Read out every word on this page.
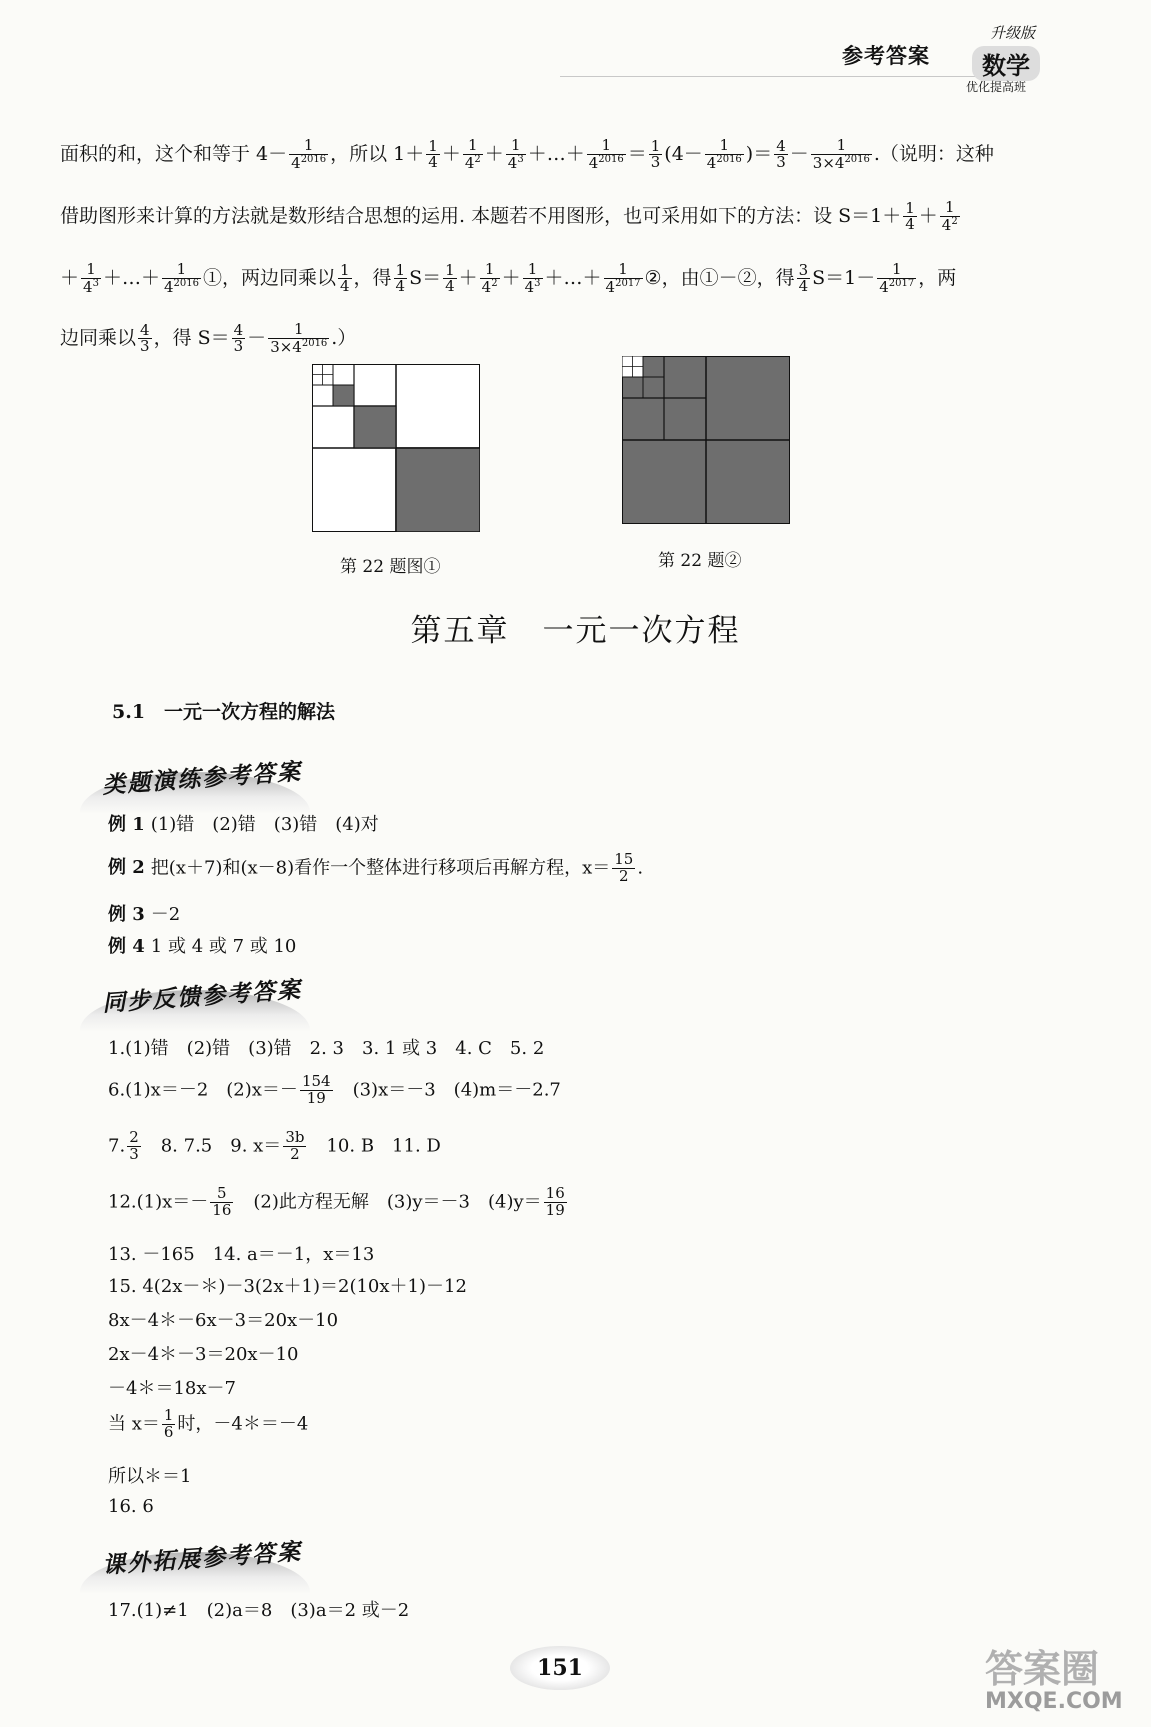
参考答案
升级版
数学
优化提高班
面积的和，这个和等于 $4- \frac{1}{4^{2016}}$ ，所以 $1+ \frac{1}{4} + \frac{1}{4^2} + \frac{1}{4^3}$ ＋…＋ $\frac{1}{4^{2016}} = \frac{1}{3} (4- \frac{1}{4^{2016}}$ )＝ $\frac{4}{3} - \frac{1}{3\times 4^{2016}}$ .（说明：这种
借助图形来计算的方法就是数形结合思想的运用. 本题若不用图形，也可采用如下的方法：设 $S=1+ \frac{1}{4} + \frac{1}{4^2}$
＋ $\frac{1}{4^3}$ ＋…＋ $\frac{1}{4^{2016}}$ ①，两边同乘以 $\frac{1}{4}$ ，得 $\frac{1}{4} S= \frac{1}{4} + \frac{1}{4^2} + \frac{1}{4^3}$ ＋…＋ $\frac{1}{4^{2017}}$ ②，由①－②，得 $\frac{3}{4} S=1- \frac{1}{4^{2017}}$ ，两
边同乘以 $\frac{4}{3}$ ，得 $S= \frac{4}{3} - \frac{1}{3\times 4^{2016}}$ .）
第 22 题图①	第 22 题②
第五章　一元一次方程
5.1　一元一次方程的解法
类题演练参考答案
例 1 (1)错　(2)错　(3)错　(4)对
例 2 把(x＋7)和(x－8)看作一个整体进行移项后再解方程，$x= \frac{15}{2}$ .
例 3 －2
例 4 1 或 4 或 7 或 10
同步反馈参考答案
1.(1)错　(2)错　(3)错　2. 3　3. 1 或 3　4. C　5. 2
6.(1)x＝－2　$(2)x=- \frac{154}{19}$ 　(3)x＝－3　(4)m＝－2.7
7. $\frac{2}{3}$ 　8. 7.5　9. $x= \frac{3b}{2}$ 　10. B　11. D
$12.(1)x=- \frac{5}{16}$ 　(2)此方程无解　(3)y＝－3　$(4)y= \frac{16}{19}$
13. －165　14. a＝－1，x＝13
15. 4(2x－＊)－3(2x＋1)＝2(10x＋1)－12
8x－4＊－6x－3＝20x－10
2x－4＊－3＝20x－10
－4＊＝18x－7
当 $x= \frac{1}{6}$ 时，－4＊＝－4
所以＊＝1
16. 6
课外拓展参考答案
17.(1)≠1　(2)a＝8　(3)a＝2 或－2
151	答案圈
MXQE.COM
